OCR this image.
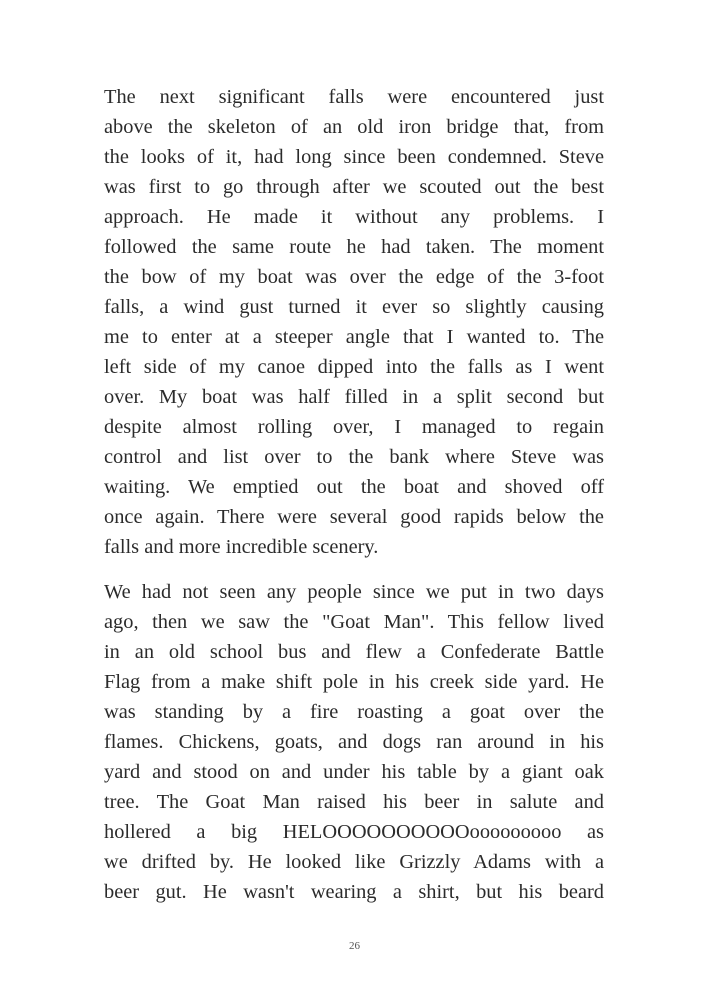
The next significant falls were encountered just
above the skeleton of an old iron bridge that, from
the looks of it, had long since been condemned. Steve
was first to go through after we scouted out the best
approach. He made it without any problems. I
followed the same route he had taken. The moment
the bow of my boat was over the edge of the 3-foot
falls, a wind gust turned it ever so slightly causing
me to enter at a steeper angle that I wanted to. The
left side of my canoe dipped into the falls as I went
over. My boat was half filled in a split second but
despite almost rolling over, I managed to regain
control and list over to the bank where Steve was
waiting. We emptied out the boat and shoved off
once again. There were several good rapids below the
falls and more incredible scenery.
We had not seen any people since we put in two days
ago, then we saw the "Goat Man". This fellow lived
in an old school bus and flew a Confederate Battle
Flag from a make shift pole in his creek side yard. He
was standing by a fire roasting a goat over the
flames. Chickens, goats, and dogs ran around in his
yard and stood on and under his table by a giant oak
tree. The Goat Man raised his beer in salute and
hollered a big HELOOOOOOOOOOooooooooo as
we drifted by. He looked like Grizzly Adams with a
beer gut. He wasn't wearing a shirt, but his beard
26
